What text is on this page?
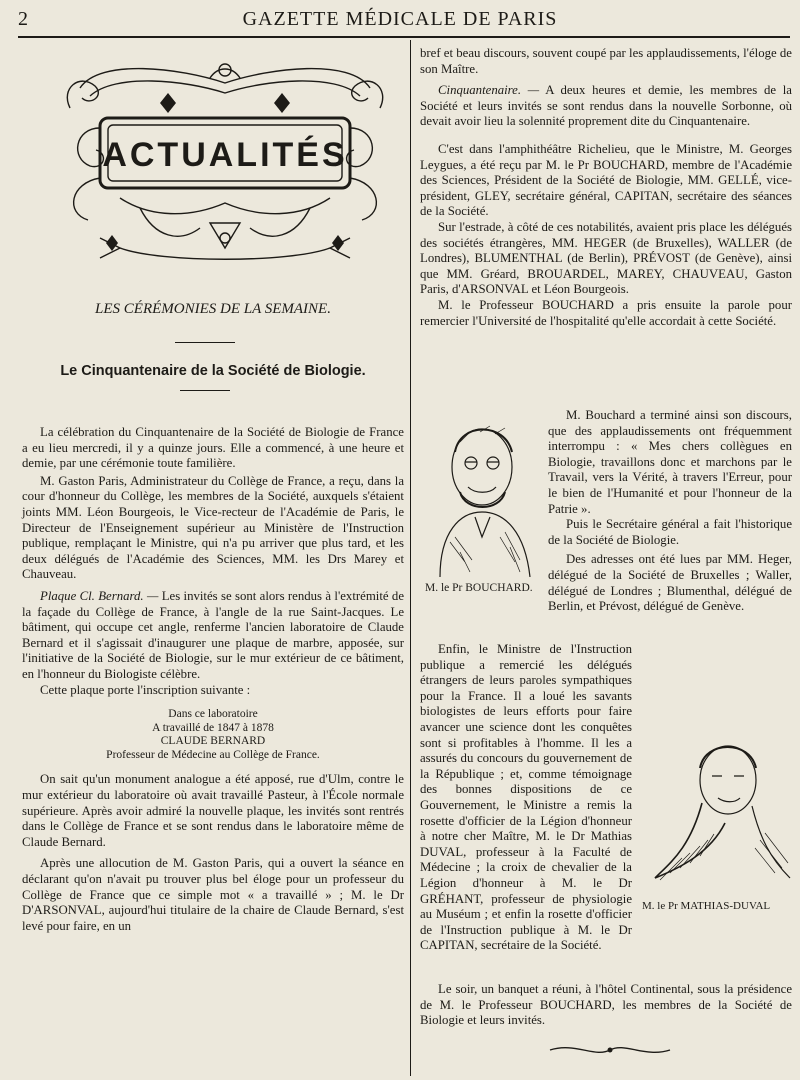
2	GAZETTE MÉDICALE DE PARIS
ACTUALITÉS
LES CÉRÉMONIES DE LA SEMAINE.
Le Cinquantenaire de la Société de Biologie.

La célébration du Cinquantenaire de la Société de Biologie de France a eu lieu mercredi, il y a quinze jours. Elle a commencé, à une heure et demie, par une cérémonie toute familière.

M. Gaston Paris, Administrateur du Collège de France, a reçu, dans la cour d'honneur du Collège, les membres de la Société, auxquels s'étaient joints MM. Léon Bourgeois, le Vice-recteur de l'Académie de Paris, le Directeur de l'Enseignement supérieur au Ministère de l'Instruction publique, remplaçant le Ministre, qui n'a pu arriver que plus tard, et les deux délégués de l'Académie des Sciences, MM. les Drs Marey et Chauveau.

Plaque Cl. Bernard. — Les invités se sont alors rendus à l'extrémité de la façade du Collège de France, à l'angle de la rue Saint-Jacques. Le bâtiment, qui occupe cet angle, renferme l'ancien laboratoire de Claude Bernard et il s'agissait d'inaugurer une plaque de marbre, apposée, sur l'initiative de la Société de Biologie, sur le mur extérieur de ce bâtiment, en l'honneur du Biologiste célèbre.

Cette plaque porte l'inscription suivante :

Dans ce laboratoire
A travaillé de 1847 à 1878
CLAUDE BERNARD
Professeur de Médecine au Collège de France.

On sait qu'un monument analogue a été apposé, rue d'Ulm, contre le mur extérieur du laboratoire où avait travaillé Pasteur, à l'École normale supérieure. Après avoir admiré la nouvelle plaque, les invités sont rentrés dans le Collège de France et se sont rendus dans le laboratoire même de Claude Bernard.

Après une allocution de M. Gaston Paris, qui a ouvert la séance en déclarant qu'on n'avait pu trouver plus bel éloge pour un professeur du Collège de France que ce simple mot « a travaillé » ; M. le Dr D'ARSONVAL, aujourd'hui titulaire de la chaire de Claude Bernard, s'est levé pour faire, en un

bref et beau discours, souvent coupé par les applaudissements, l'éloge de son Maître.

Cinquantenaire. — A deux heures et demie, les membres de la Société et leurs invités se sont rendus dans la nouvelle Sorbonne, où devait avoir lieu la solennité proprement dite du Cinquantenaire.

C'est dans l'amphithéâtre Richelieu, que le Ministre, M. Georges Leygues, a été reçu par M. le Pr BOUCHARD, membre de l'Académie des Sciences, Président de la Société de Biologie, MM. GELLÉ, vice-président, GLEY, secrétaire général, CAPITAN, secrétaire des séances de la Société.

Sur l'estrade, à côté de ces notabilités, avaient pris place les délégués des sociétés étrangères, MM. HEGER (de Bruxelles), WALLER (de Londres), BLUMENTHAL (de Berlin), PRÉVOST (de Genève), ainsi que MM. Gréard, BROUARDEL, MAREY, CHAUVEAU, Gaston Paris, d'ARSONVAL et Léon Bourgeois.

M. le Professeur BOUCHARD a pris ensuite la parole pour remercier l'Université de l'hospitalité qu'elle accordait à cette Société.

M. le Pr BOUCHARD.

M. Bouchard a terminé ainsi son discours, que des applaudissements ont fréquemment interrompu : « Mes chers collègues en Biologie, travaillons donc et marchons par le Travail, vers la Vérité, à travers l'Erreur, pour le bien de l'Humanité et pour l'honneur de la Patrie ».

Puis le Secrétaire général a fait l'historique de la Société de Biologie.

Des adresses ont été lues par MM. Heger, délégué de la Société de Bruxelles ; Waller, délégué de Londres ; Blumenthal, délégué de Berlin, et Prévost, délégué de Genève.

M. le Pr MATHIAS-DUVAL

Enfin, le Ministre de l'Instruction publique a remercié les délégués étrangers de leurs paroles sympathiques pour la France. Il a loué les savants biologistes de leurs efforts pour faire avancer une science dont les conquêtes sont si profitables à l'homme. Il les a assurés du concours du gouvernement de la République ; et, comme témoignage des bonnes dispositions de ce Gouvernement, le Ministre a remis la rosette d'officier de la Légion d'honneur à notre cher Maître, M. le Dr Mathias DUVAL, professeur à la Faculté de Médecine ; la croix de chevalier de la Légion d'honneur à M. le Dr GRÉHANT, professeur de physiologie au Muséum ; et enfin la rosette d'officier de l'Instruction publique à M. le Dr CAPITAN, secrétaire de la Société.

Le soir, un banquet a réuni, à l'hôtel Continental, sous la présidence de M. le Professeur BOUCHARD, les membres de la Société de Biologie et leurs invités.
